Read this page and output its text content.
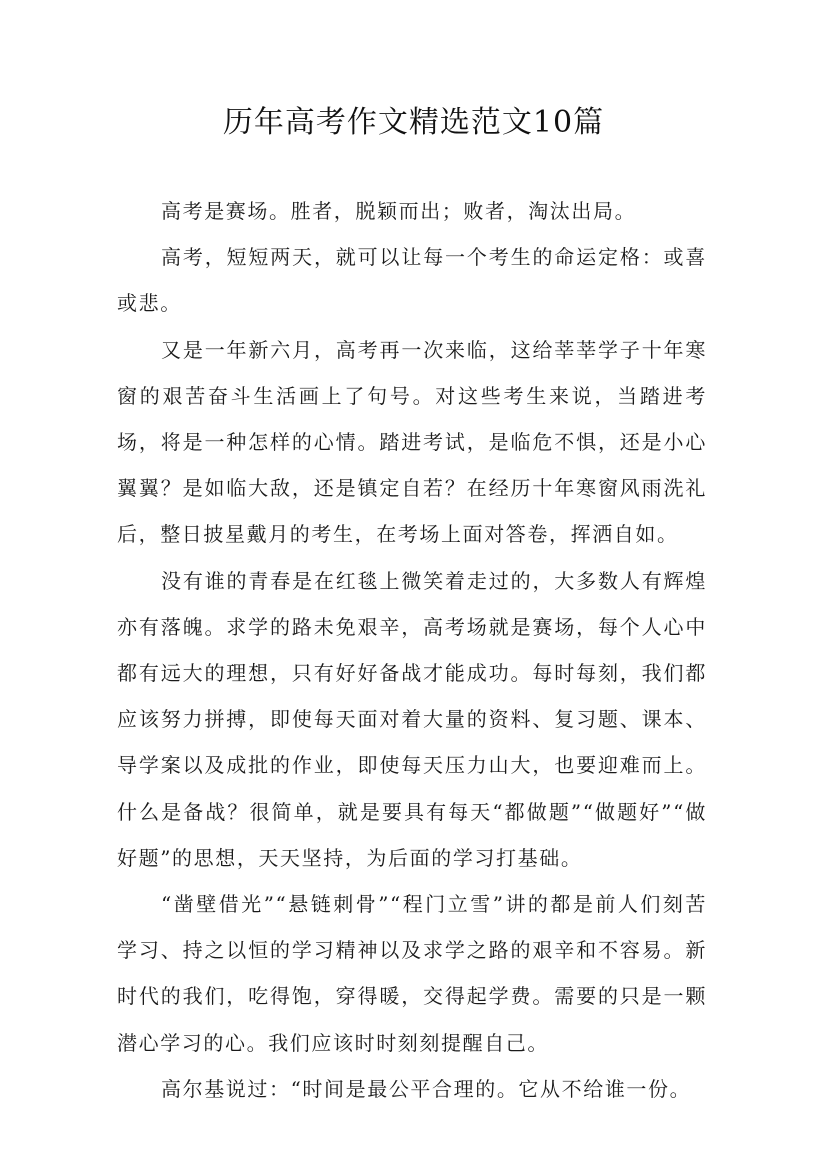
历年高考作文精选范文10篇

高考是赛场。胜者，脱颖而出；败者，淘汰出局。

高考，短短两天，就可以让每一个考生的命运定格：或喜或悲。

又是一年新六月，高考再一次来临，这给莘莘学子十年寒窗的艰苦奋斗生活画上了句号。对这些考生来说，当踏进考场，将是一种怎样的心情。踏进考试，是临危不惧，还是小心翼翼？是如临大敌，还是镇定自若？在经历十年寒窗风雨洗礼后，整日披星戴月的考生，在考场上面对答卷，挥洒自如。

没有谁的青春是在红毯上微笑着走过的，大多数人有辉煌亦有落魄。求学的路未免艰辛，高考场就是赛场，每个人心中都有远大的理想，只有好好备战才能成功。每时每刻，我们都应该努力拼搏，即使每天面对着大量的资料、复习题、课本、导学案以及成批的作业，即使每天压力山大，也要迎难而上。什么是备战？很简单，就是要具有每天“都做题”“做题好”“做好题”的思想，天天坚持，为后面的学习打基础。

“凿壁借光”“悬链刺骨”“程门立雪”讲的都是前人们刻苦学习、持之以恒的学习精神以及求学之路的艰辛和不容易。新时代的我们，吃得饱，穿得暖，交得起学费。需要的只是一颗潜心学习的心。我们应该时时刻刻提醒自己。

高尔基说过：“时间是最公平合理的。它从不给谁一份。
